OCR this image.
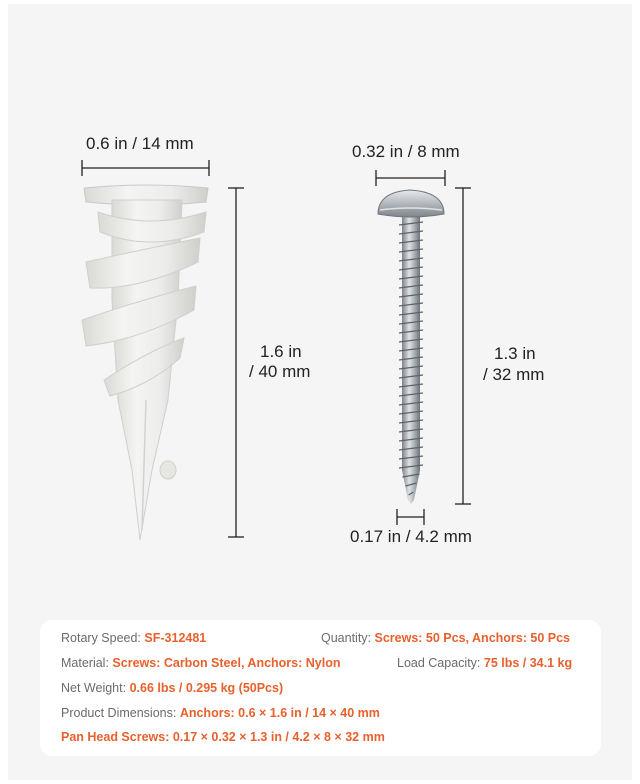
0.6 in / 14 mm
1.6 in
/ 40 mm
0.32 in / 8 mm
1.3 in
/ 32 mm
0.17 in / 4.2 mm
Rotary Speed: SF-312481	Quantity: Screws: 50 Pcs, Anchors: 50 Pcs
Material: Screws: Carbon Steel, Anchors: Nylon	Load Capacity: 75 lbs / 34.1 kg
Net Weight: 0.66 lbs / 0.295 kg (50Pcs)
Product Dimensions: Anchors: 0.6 × 1.6 in / 14 × 40 mm
Pan Head Screws: 0.17 × 0.32 × 1.3 in / 4.2 × 8 × 32 mm
